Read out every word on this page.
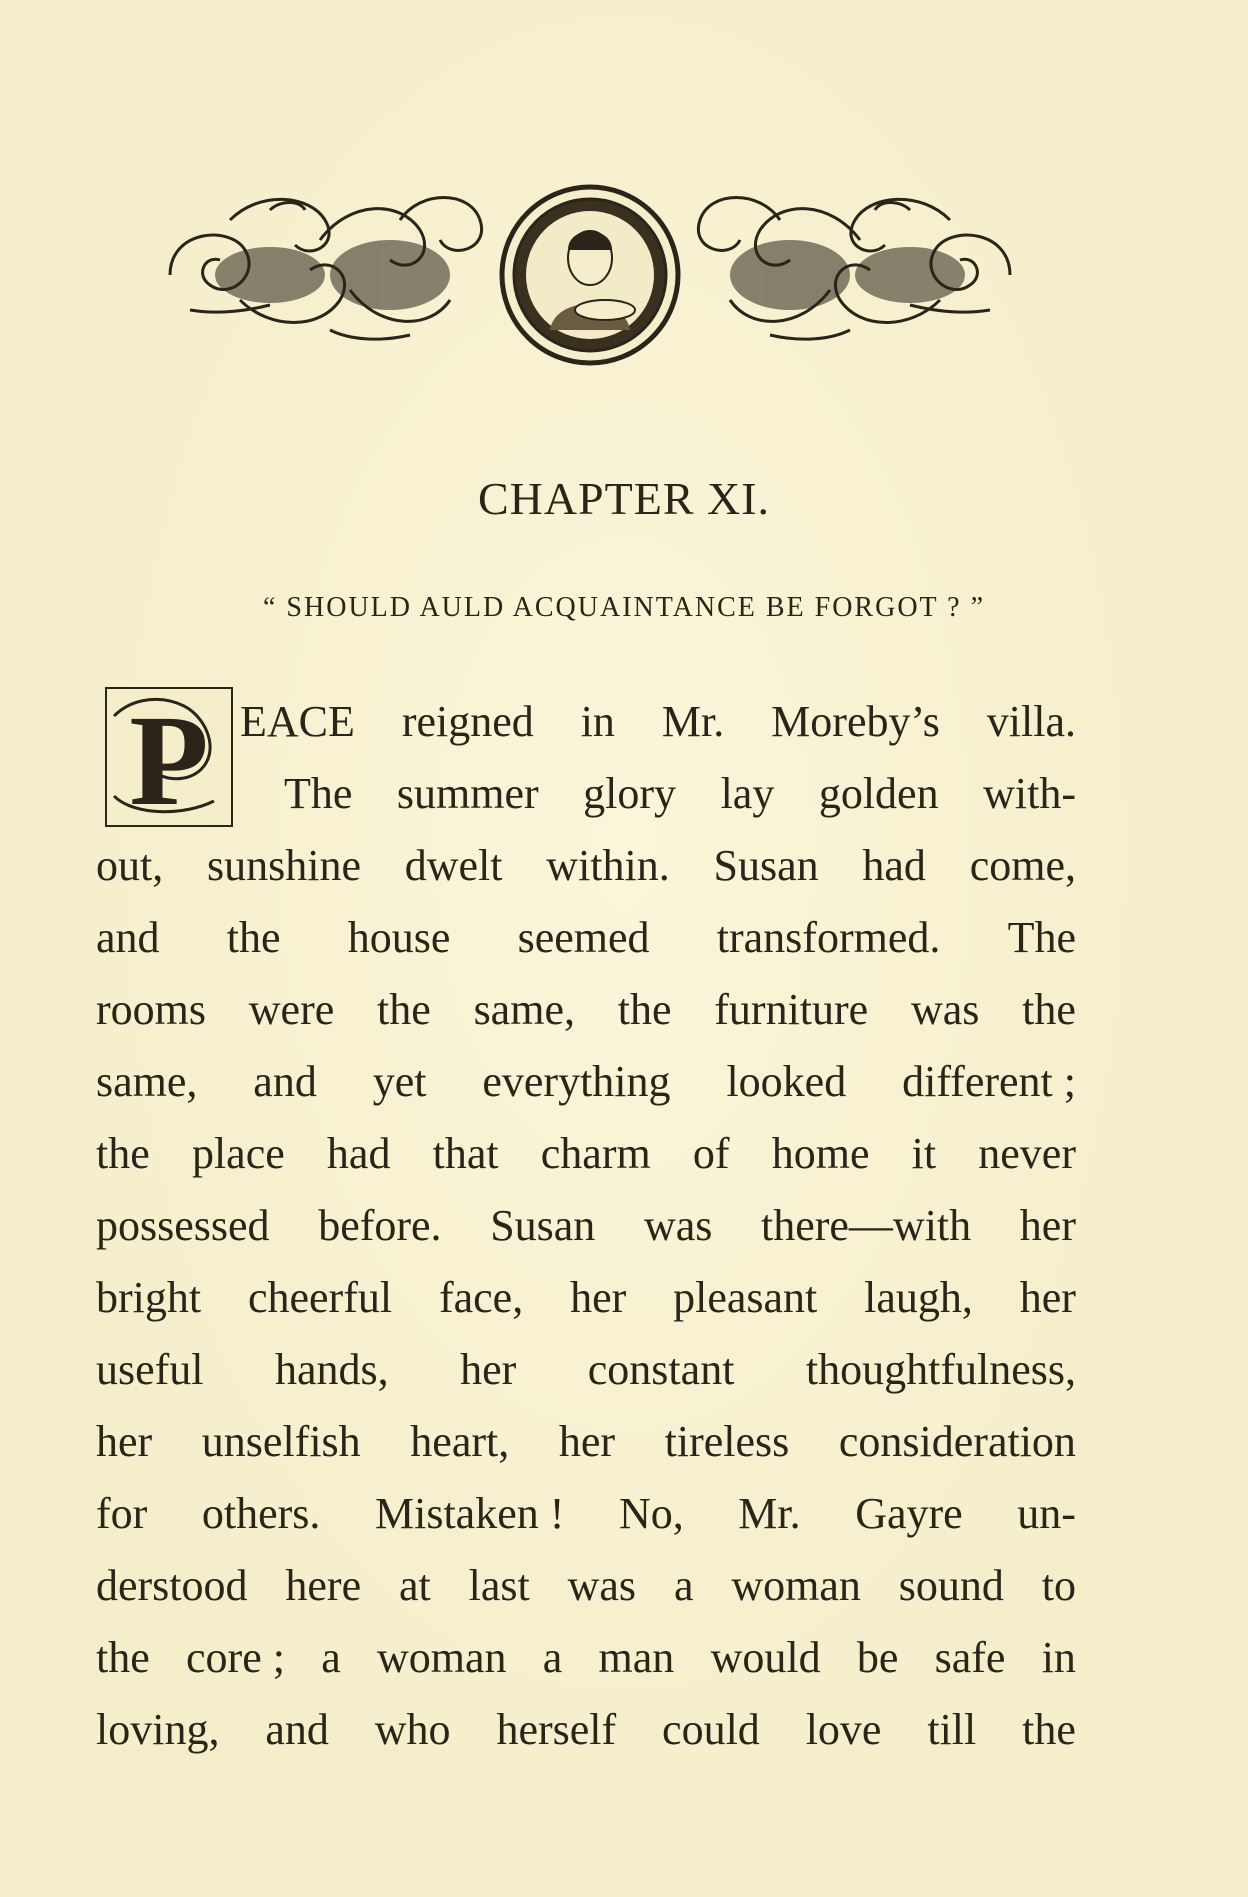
CHAPTER XI.
“ SHOULD AULD ACQUAINTANCE BE FORGOT ? ”
P EACE reigned in Mr. Moreby’s villa.
The summer glory lay golden with-
out, sunshine dwelt within. Susan had come,
and the house seemed transformed. The
rooms were the same, the furniture was the
same, and yet everything looked different ;
the place had that charm of home it never
possessed before. Susan was there—with her
bright cheerful face, her pleasant laugh, her
useful hands, her constant thoughtfulness,
her unselfish heart, her tireless consideration
for others. Mistaken ! No, Mr. Gayre un-
derstood here at last was a woman sound to
the core ; a woman a man would be safe in
loving, and who herself could love till the
